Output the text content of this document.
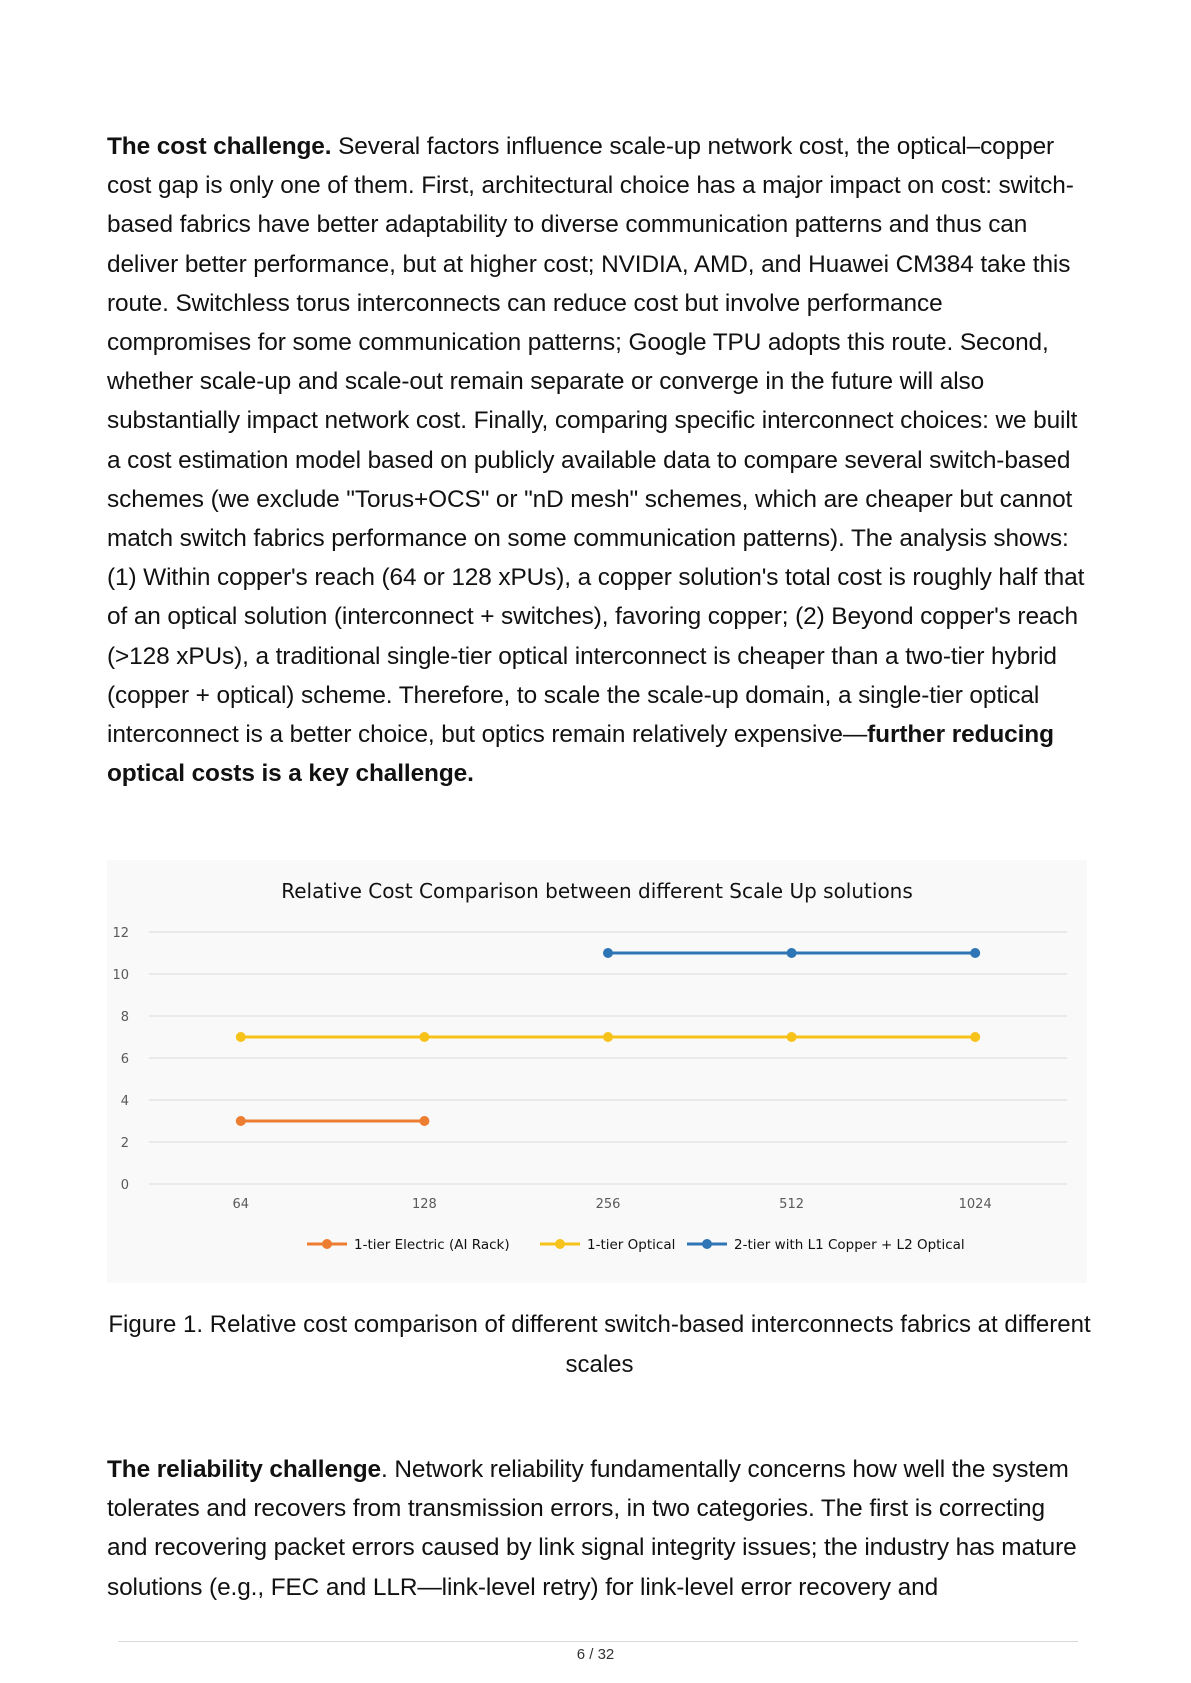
The cost challenge. Several factors influence scale-up network cost, the optical–copper cost gap is only one of them. First, architectural choice has a major impact on cost: switch-based fabrics have better adaptability to diverse communication patterns and thus can deliver better performance, but at higher cost; NVIDIA, AMD, and Huawei CM384 take this route. Switchless torus interconnects can reduce cost but involve performance compromises for some communication patterns; Google TPU adopts this route. Second, whether scale-up and scale-out remain separate or converge in the future will also substantially impact network cost. Finally, comparing specific interconnect choices: we built a cost estimation model based on publicly available data to compare several switch-based schemes (we exclude "Torus+OCS" or "nD mesh" schemes, which are cheaper but cannot match switch fabrics performance on some communication patterns). The analysis shows: (1) Within copper's reach (64 or 128 xPUs), a copper solution's total cost is roughly half that of an optical solution (interconnect + switches), favoring copper; (2) Beyond copper's reach (>128 xPUs), a traditional single-tier optical interconnect is cheaper than a two-tier hybrid (copper + optical) scheme. Therefore, to scale the scale-up domain, a single-tier optical interconnect is a better choice, but optics remain relatively expensive—further reducing optical costs is a key challenge.

Relative Cost Comparison between different Scale Up solutions
0
2
4
6
8
10
12
64	128	256	512	1024
1-tier Electric (AI Rack)	1-tier Optical	2-tier with L1 Copper + L2 Optical

Figure 1. Relative cost comparison of different switch-based interconnects fabrics at different scales

The reliability challenge. Network reliability fundamentally concerns how well the system tolerates and recovers from transmission errors, in two categories. The first is correcting and recovering packet errors caused by link signal integrity issues; the industry has mature solutions (e.g., FEC and LLR—link-level retry) for link-level error recovery and

6 / 32
